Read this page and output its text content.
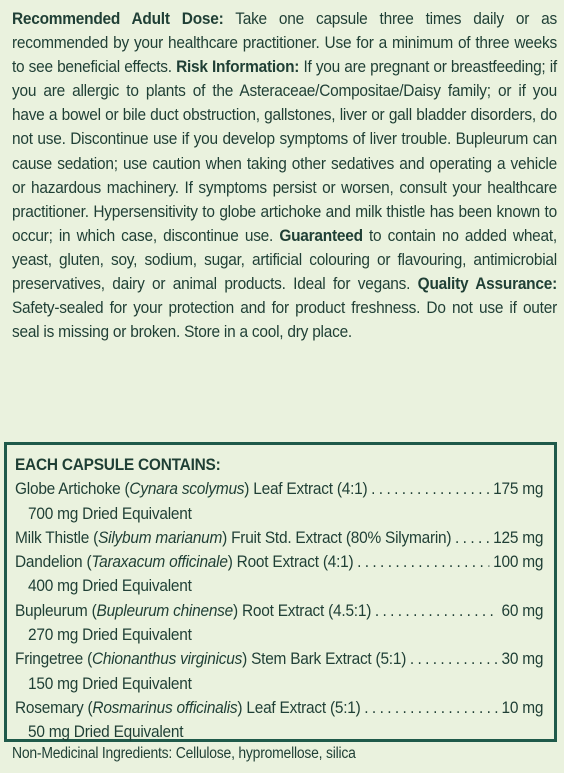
Recommended Adult Dose: Take one capsule three times daily or as recommended by your healthcare practitioner. Use for a minimum of three weeks to see beneficial effects. Risk Information: If you are pregnant or breastfeeding; if you are allergic to plants of the Asteraceae/Compositae/Daisy family; or if you have a bowel or bile duct obstruction, gallstones, liver or gall bladder disorders, do not use. Discontinue use if you develop symptoms of liver trouble. Bupleurum can cause sedation; use caution when taking other sedatives and operating a vehicle or hazardous machinery. If symptoms persist or worsen, consult your healthcare practitioner. Hypersensitivity to globe artichoke and milk thistle has been known to occur; in which case, discontinue use. Guaranteed to contain no added wheat, yeast, gluten, soy, sodium, sugar, artificial colouring or flavouring, antimicrobial preservatives, dairy or animal products. Ideal for vegans. Quality Assurance: Safety-sealed for your protection and for product freshness. Do not use if outer seal is missing or broken. Store in a cool, dry place.
EACH CAPSULE CONTAINS:
Globe Artichoke (Cynara scolymus) Leaf Extract (4:1) . . .	175 mg
700 mg Dried Equivalent
Milk Thistle (Silybum marianum) Fruit Std. Extract (80% Silymarin) . . .	125 mg
Dandelion (Taraxacum officinale) Root Extract (4:1) . . .	100 mg
400 mg Dried Equivalent
Bupleurum (Bupleurum chinense) Root Extract (4.5:1) . . .	60 mg
270 mg Dried Equivalent
Fringetree (Chionanthus virginicus) Stem Bark Extract (5:1) . . .	30 mg
150 mg Dried Equivalent
Rosemary (Rosmarinus officinalis) Leaf Extract (5:1) . . .	10 mg
50 mg Dried Equivalent
Non-Medicinal Ingredients: Cellulose, hypromellose, silica
